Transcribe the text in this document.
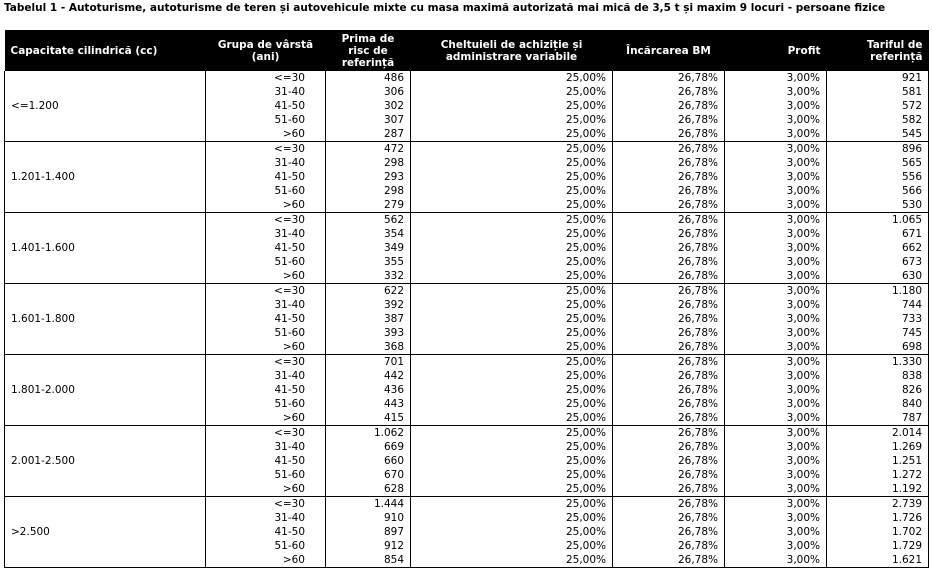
Tabelul 1 - Autoturisme, autoturisme de teren și autovehicule mixte cu masa maximă autorizată mai mică de 3,5 t și maxim 9 locuri - persoane fizice
Capacitate cilindrică (cc)	Grupa de vârstă (ani)	Prima de risc de referință	Cheltuieli de achiziție și administrare variabile	Încărcarea BM	Profit	Tariful de referință
<=1.200	<=30	486	25,00%	26,78%	3,00%	921
	31-40	306	25,00%	26,78%	3,00%	581
	41-50	302	25,00%	26,78%	3,00%	572
	51-60	307	25,00%	26,78%	3,00%	582
	>60	287	25,00%	26,78%	3,00%	545
1.201-1.400	<=30	472	25,00%	26,78%	3,00%	896
	31-40	298	25,00%	26,78%	3,00%	565
	41-50	293	25,00%	26,78%	3,00%	556
	51-60	298	25,00%	26,78%	3,00%	566
	>60	279	25,00%	26,78%	3,00%	530
1.401-1.600	<=30	562	25,00%	26,78%	3,00%	1.065
	31-40	354	25,00%	26,78%	3,00%	671
	41-50	349	25,00%	26,78%	3,00%	662
	51-60	355	25,00%	26,78%	3,00%	673
	>60	332	25,00%	26,78%	3,00%	630
1.601-1.800	<=30	622	25,00%	26,78%	3,00%	1.180
	31-40	392	25,00%	26,78%	3,00%	744
	41-50	387	25,00%	26,78%	3,00%	733
	51-60	393	25,00%	26,78%	3,00%	745
	>60	368	25,00%	26,78%	3,00%	698
1.801-2.000	<=30	701	25,00%	26,78%	3,00%	1.330
	31-40	442	25,00%	26,78%	3,00%	838
	41-50	436	25,00%	26,78%	3,00%	826
	51-60	443	25,00%	26,78%	3,00%	840
	>60	415	25,00%	26,78%	3,00%	787
2.001-2.500	<=30	1.062	25,00%	26,78%	3,00%	2.014
	31-40	669	25,00%	26,78%	3,00%	1.269
	41-50	660	25,00%	26,78%	3,00%	1.251
	51-60	670	25,00%	26,78%	3,00%	1.272
	>60	628	25,00%	26,78%	3,00%	1.192
>2.500	<=30	1.444	25,00%	26,78%	3,00%	2.739
	31-40	910	25,00%	26,78%	3,00%	1.726
	41-50	897	25,00%	26,78%	3,00%	1.702
	51-60	912	25,00%	26,78%	3,00%	1.729
	>60	854	25,00%	26,78%	3,00%	1.621
